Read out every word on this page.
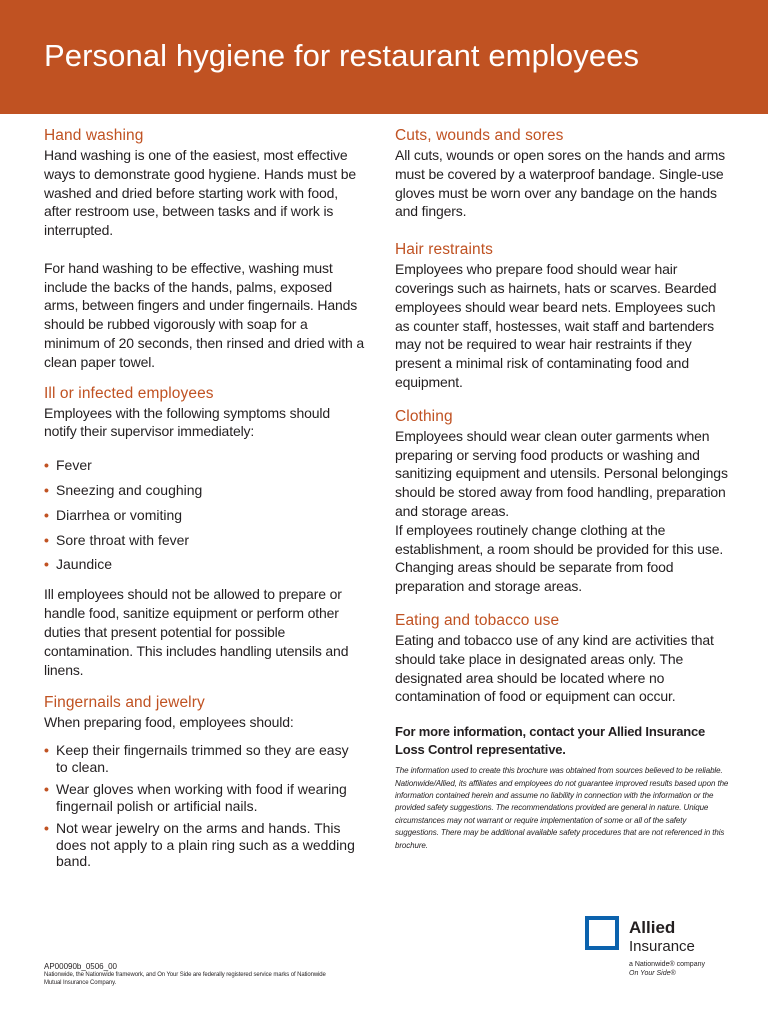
Personal hygiene for restaurant employees
Hand washing

Hand washing is one of the easiest, most effective ways to demonstrate good hygiene. Hands must be washed and dried before starting work with food, after restroom use, between tasks and if work is interrupted.

For hand washing to be effective, washing must include the backs of the hands, palms, exposed arms, between fingers and under fingernails. Hands should be rubbed vigorously with soap for a minimum of 20 seconds, then rinsed and dried with a clean paper towel.

Ill or infected employees

Employees with the following symptoms should notify their supervisor immediately:

• Fever
• Sneezing and coughing
• Diarrhea or vomiting
• Sore throat with fever
• Jaundice

Ill employees should not be allowed to prepare or handle food, sanitize equipment or perform other duties that present potential for possible contamination. This includes handling utensils and linens.

Fingernails and jewelry

When preparing food, employees should:

• Keep their fingernails trimmed so they are easy to clean.
• Wear gloves when working with food if wearing fingernail polish or artificial nails.
• Not wear jewelry on the arms and hands. This does not apply to a plain ring such as a wedding band.
Cuts, wounds and sores

All cuts, wounds or open sores on the hands and arms must be covered by a waterproof bandage. Single-use gloves must be worn over any bandage on the hands and fingers.

Hair restraints

Employees who prepare food should wear hair coverings such as hairnets, hats or scarves. Bearded employees should wear beard nets. Employees such as counter staff, hostesses, wait staff and bartenders may not be required to wear hair restraints if they present a minimal risk of contaminating food and equipment.

Clothing

Employees should wear clean outer garments when preparing or serving food products or washing and sanitizing equipment and utensils. Personal belongings should be stored away from food handling, preparation and storage areas.

If employees routinely change clothing at the establishment, a room should be provided for this use. Changing areas should be separate from food preparation and storage areas.

Eating and tobacco use

Eating and tobacco use of any kind are activities that should take place in designated areas only. The designated area should be located where no contamination of food or equipment can occur.

For more information, contact your Allied Insurance Loss Control representative.

The information used to create this brochure was obtained from sources believed to be reliable. Nationwide/Allied, its affiliates and employees do not guarantee improved results based upon the information contained herein and assume no liability in connection with the information or the provided safety suggestions. The recommendations provided are general in nature. Unique circumstances may not warrant or require implementation of some or all of the safety suggestions. There may be additional available safety procedures that are not referenced in this brochure.

AP00090b_0506_00
Nationwide, the Nationwide framework, and On Your Side are federally registered service marks of Nationwide Mutual Insurance Company.
Allied
Insurance
a Nationwide® company
On Your Side®
